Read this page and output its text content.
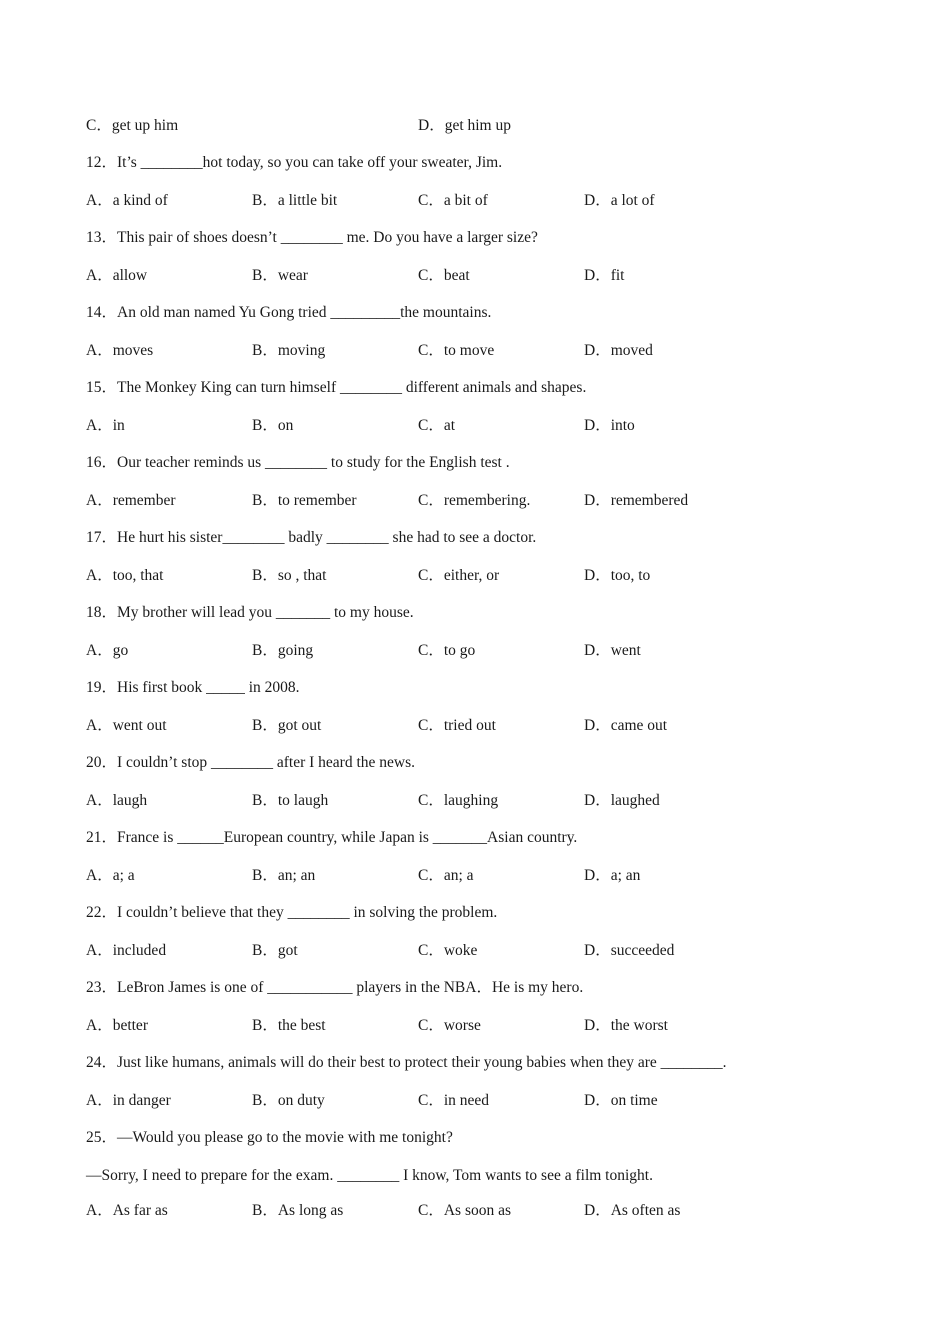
C．get up him	D．get him up
12．It’s ________hot today, so you can take off your sweater, Jim.
A．a kind of	B．a little bit	C．a bit of	D．a lot of
13．This pair of shoes doesn’t ________ me. Do you have a larger size?
A．allow	B．wear	C．beat	D．fit
14．An old man named Yu Gong tried _________the mountains.
A．moves	B．moving	C．to move	D．moved
15．The Monkey King can turn himself ________ different animals and shapes.
A．in	B．on	C．at	D．into
16．Our teacher reminds us ________ to study for the English test .
A．remember	B．to remember	C．remembering.	D．remembered
17．He hurt his sister________ badly ________ she had to see a doctor.
A．too, that	B．so , that	C．either, or	D．too, to
18．My brother will lead you _______ to my house.
A．go	B．going	C．to go	D．went
19．His first book _____ in 2008.
A．went out	B．got out	C．tried out	D．came out
20．I couldn’t stop ________ after I heard the news.
A．laugh	B．to laugh	C．laughing	D．laughed
21．France is ______European country, while Japan is _______Asian country.
A．a; a	B．an; an	C．an; a	D．a; an
22．I couldn’t believe that they ________ in solving the problem.
A．included	B．got	C．woke	D．succeeded
23．LeBron James is one of ___________ players in the NBA．He is my hero.
A．better	B．the best	C．worse	D．the worst
24．Just like humans, animals will do their best to protect their young babies when they are ________.
A．in danger	B．on duty	C．in need	D．on time
25．—Would you please go to the movie with me tonight?
—Sorry, I need to prepare for the exam. ________ I know, Tom wants to see a film tonight.
A．As far as	B．As long as	C．As soon as	D．As often as
